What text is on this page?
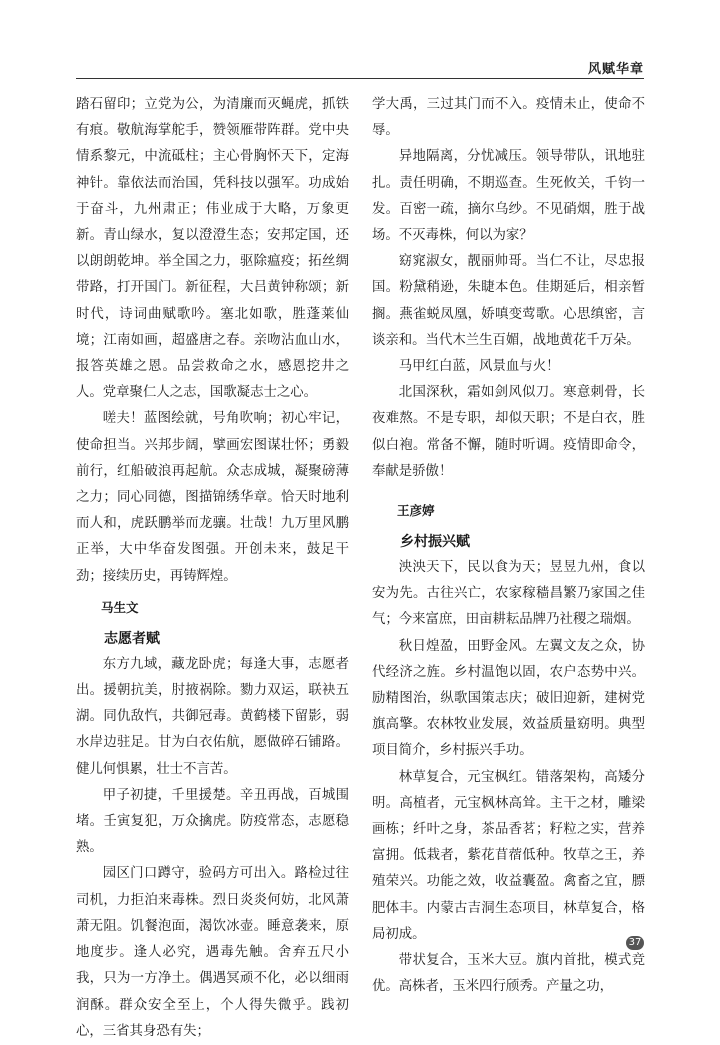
风赋华章

踏石留印；立党为公，为清廉而灭蝇虎，抓铁有痕。敬航海掌舵手，赞领雁带阵群。党中央情系黎元，中流砥柱；主心骨胸怀天下，定海神针。靠依法而治国，凭科技以强军。功成始于奋斗，九州肃正；伟业成于大略，万象更新。青山绿水，复以澄澄生态；安邦定国，还以朗朗乾坤。举全国之力，驱除瘟疫；拓丝绸带路，打开国门。新征程，大吕黄钟称颂；新时代，诗词曲赋歌吟。塞北如歌，胜蓬莱仙境；江南如画，超盛唐之春。亲吻沾血山水，报答英雄之恩。品尝救命之水，感恩挖井之人。党章聚仁人之志，国歌凝志士之心。

嗟夫！蓝图绘就，号角吹响；初心牢记，使命担当。兴邦步阔，擘画宏图谋壮怀；勇毅前行，红船破浪再起航。众志成城，凝聚磅薄之力；同心同德，图描锦绣华章。恰天时地利而人和，虎跃鹏举而龙骧。壮哉！九万里风鹏正举，大中华奋发图强。开创未来，鼓足干劲；接续历史，再铸辉煌。

马生文

志愿者赋

东方九域，藏龙卧虎；每逢大事，志愿者出。援朝抗美，肘掖祸除。勠力双运，联袂五湖。同仇敌忾，共御冠毒。黄鹤楼下留影，弱水岸边驻足。甘为白衣佑航，愿做碎石铺路。健儿何惧累，壮士不言苦。

甲子初捷，千里援楚。辛丑再战，百城围堵。壬寅复犯，万众擒虎。防疫常态，志愿稳熟。

园区门口蹲守，验码方可出入。路检过往司机，力拒泊来毒株。烈日炎炎何妨，北风萧萧无阻。饥餐泡面，渴饮冰壶。睡意袭来，原地度步。逢人必究，遇毒先触。舍弃五尺小我，只为一方净土。偶遇冥顽不化，必以细雨润酥。群众安全至上，个人得失微乎。践初心，三省其身恐有失；

学大禹，三过其门而不入。疫情未止，使命不辱。

异地隔离，分忧减压。领导带队，讯地驻扎。责任明确，不期巡查。生死攸关，千钧一发。百密一疏，摘尔乌纱。不见硝烟，胜于战场。不灭毒株，何以为家？

窈窕淑女，靓丽帅哥。当仁不让，尽忠报国。粉黛稍逊，朱睫本色。佳期延后，相亲暂搁。燕雀蜕凤凰，娇嗔变莺歌。心思缜密，言谈亲和。当代木兰生百媚，战地黄花千万朵。

马甲红白蓝，风景血与火！

北国深秋，霜如剑风似刀。寒意刺骨，长夜难熬。不是专职，却似天职；不是白衣，胜似白袍。常备不懈，随时听调。疫情即命令，奉献是骄傲！

王彦婷

乡村振兴赋

泱泱天下，民以食为天；昱昱九州，食以安为先。古往兴亡，农家稼穑昌繁乃家国之佳气；今来富庶，田亩耕耘品牌乃社稷之瑞烟。

秋日煌盈，田野金风。左翼文友之众，协代经济之旌。乡村温饱以固，农户态势中兴。励精图治，纵歌国策志庆；破旧迎新，建树党旗高擎。农林牧业发展，效益质量窈明。典型项目简介，乡村振兴手功。

林草复合，元宝枫红。错落架构，高矮分明。高植者，元宝枫林高耸。主干之材，雕梁画栋；纤叶之身，茶品香茗；籽粒之实，营养富拥。低栽者，紫花苜蓿低种。牧草之王，养殖荣兴。功能之效，收益囊盈。禽畜之宜，膘肥体丰。内蒙古吉洞生态项目，林草复合，格局初成。

带状复合，玉米大豆。旗内首批，模式竞优。高株者，玉米四行颀秀。产量之功，

37
